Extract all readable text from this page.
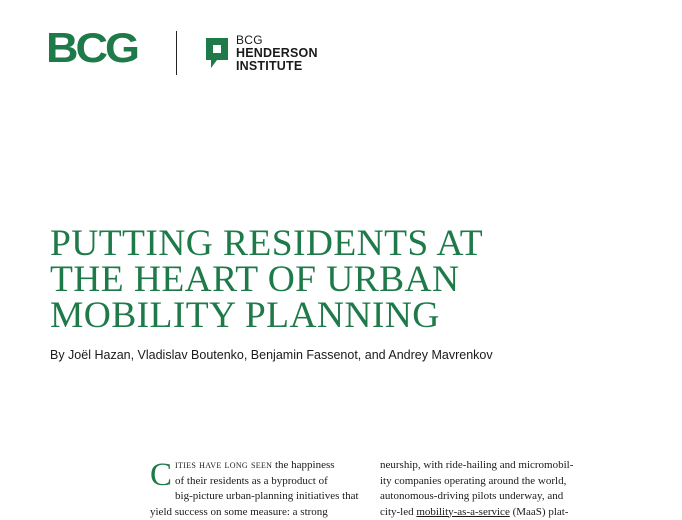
BCG	BCG
HENDERSON
INSTITUTE
PUTTING RESIDENTS AT
THE HEART OF URBAN
MOBILITY PLANNING
By Joël Hazan, Vladislav Boutenko, Benjamin Fassenot, and Andrey Mavrenkov
C ities have long seen the happiness
of their residents as a byproduct of
big-picture urban-planning initiatives that
yield success on some measure: a strong
neurship, with ride-hailing and micromobil-
ity companies operating around the world,
autonomous-driving pilots underway, and
city-led mobility-as-a-service (MaaS) plat-
